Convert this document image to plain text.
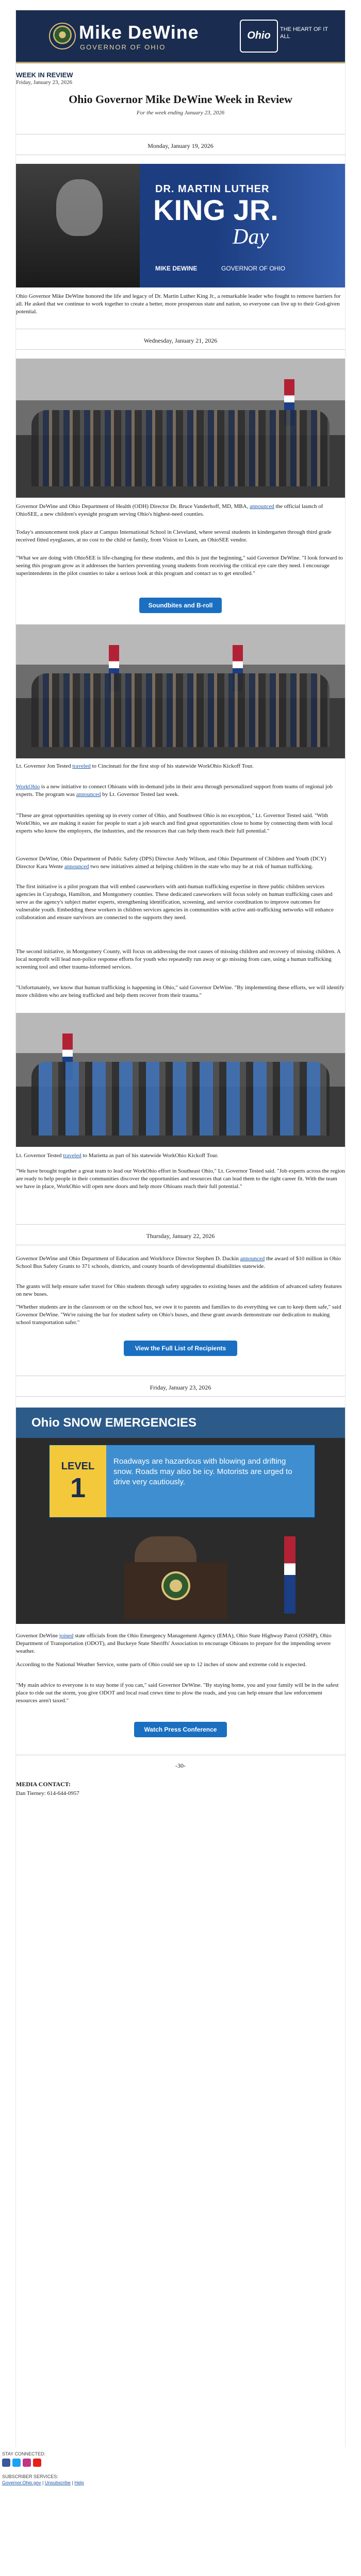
Mike DeWine
GOVERNOR OF OHIO
Ohio
THE HEART OF IT ALL
WEEK IN REVIEW
Friday, January 23, 2026
Ohio Governor Mike DeWine Week in Review
For the week ending January 23, 2026
Monday, January 19, 2026
DR. MARTIN LUTHER
KING JR.
Day
MIKE DEWINE	GOVERNOR OF OHIO
Ohio Governor Mike DeWine honored the life and legacy of Dr. Martin Luther King Jr., a remarkable leader who fought to remove barriers for all. He asked that we continue to work together to create a better, more prosperous state and nation, so everyone can live up to their God-given potential.
Wednesday, January 21, 2026
Governor DeWine and Ohio Department of Health (ODH) Director Dr. Bruce Vanderhoff, MD, MBA, announced the official launch of OhioSEE, a new children's eyesight program serving Ohio's highest-need counties.
Today's announcement took place at Campus International School in Cleveland, where several students in kindergarten through third grade received fitted eyeglasses, at no cost to the child or family, from Vision to Learn, an OhioSEE vendor.
"What we are doing with OhioSEE is life-changing for these students, and this is just the beginning," said Governor DeWine. "I look forward to seeing this program grow as it addresses the barriers preventing young students from receiving the critical eye care they need. I encourage superintendents in the pilot counties to take a serious look at this program and contact us to get enrolled."
Soundbites and B-roll
Lt. Governor Jon Tested traveled to Cincinnati for the first stop of his statewide WorkOhio Kickoff Tour.
WorkOhio is a new initiative to connect Ohioans with in-demand jobs in their area through personalized support from teams of regional job experts. The program was announced by Lt. Governor Tested last week.
"These are great opportunities opening up in every corner of Ohio, and Southwest Ohio is no exception," Lt. Governor Tested said. "With WorkOhio, we are making it easier for people to start a job search and find great opportunities close to home by connecting them with local experts who know the employers, the industries, and the resources that can help them reach their full potential."
Governor DeWine, Ohio Department of Public Safety (DPS) Director Andy Wilson, and Ohio Department of Children and Youth (DCY) Director Kara Wente announced two new initiatives aimed at helping children in the state who may be at risk of human trafficking.
The first initiative is a pilot program that will embed caseworkers with anti-human trafficking expertise in three public children services agencies in Cuyahoga, Hamilton, and Montgomery counties. These dedicated caseworkers will focus solely on human trafficking cases and serve as the agency's subject matter experts, strengthening identification, screening, and service coordination to improve outcomes for vulnerable youth. Embedding these workers in children services agencies in communities with active anti-trafficking networks will enhance collaboration and ensure survivors are connected to the supports they need.
The second initiative, in Montgomery County, will focus on addressing the root causes of missing children and recovery of missing children. A local nonprofit will lead non-police response efforts for youth who repeatedly run away or go missing from care, using a human trafficking screening tool and other trauma-informed services.
"Unfortunately, we know that human trafficking is happening in Ohio," said Governor DeWine. "By implementing these efforts, we will identify more children who are being trafficked and help them recover from their trauma."
Lt. Governor Tested traveled to Marietta as part of his statewide WorkOhio Kickoff Tour.
"We have brought together a great team to lead our WorkOhio effort in Southeast Ohio," Lt. Governor Tested said. "Job experts across the region are ready to help people in their communities discover the opportunities and resources that can lead them to the right career fit. With the team we have in place, WorkOhio will open new doors and help more Ohioans reach their full potential."
Thursday, January 22, 2026
Governor DeWine and Ohio Department of Education and Workforce Director Stephen D. Dackin announced the award of $10 million in Ohio School Bus Safety Grants to 371 schools, districts, and county boards of developmental disabilities statewide.
The grants will help ensure safer travel for Ohio students through safety upgrades to existing buses and the addition of advanced safety features on new buses.
"Whether students are in the classroom or on the school bus, we owe it to parents and families to do everything we can to keep them safe," said Governor DeWine. "We're raising the bar for student safety on Ohio's buses, and these grant awards demonstrate our dedication to making school transportation safer."
View the Full List of Recipients
Friday, January 23, 2026
Ohio SNOW EMERGENCIES
LEVEL
1
Roadways are hazardous with blowing and drifting snow. Roads may also be icy. Motorists are urged to drive very cautiously.
Governor DeWine joined state officials from the Ohio Emergency Management Agency (EMA), Ohio State Highway Patrol (OSHP), Ohio Department of Transportation (ODOT), and Buckeye State Sheriffs' Association to encourage Ohioans to prepare for the impending severe weather.
According to the National Weather Service, some parts of Ohio could see up to 12 inches of snow and extreme cold is expected.
"My main advice to everyone is to stay home if you can," said Governor DeWine. "By staying home, you and your family will be in the safest place to ride out the storm, you give ODOT and local road crews time to plow the roads, and you can help ensure that law enforcement resources aren't taxed."
Watch Press Conference
-30-
MEDIA CONTACT:
Dan Tierney: 614-644-0957
STAY CONNECTED:
SUBSCRIBER SERVICES:
Governor.Ohio.gov | Unsubscribe | Help
